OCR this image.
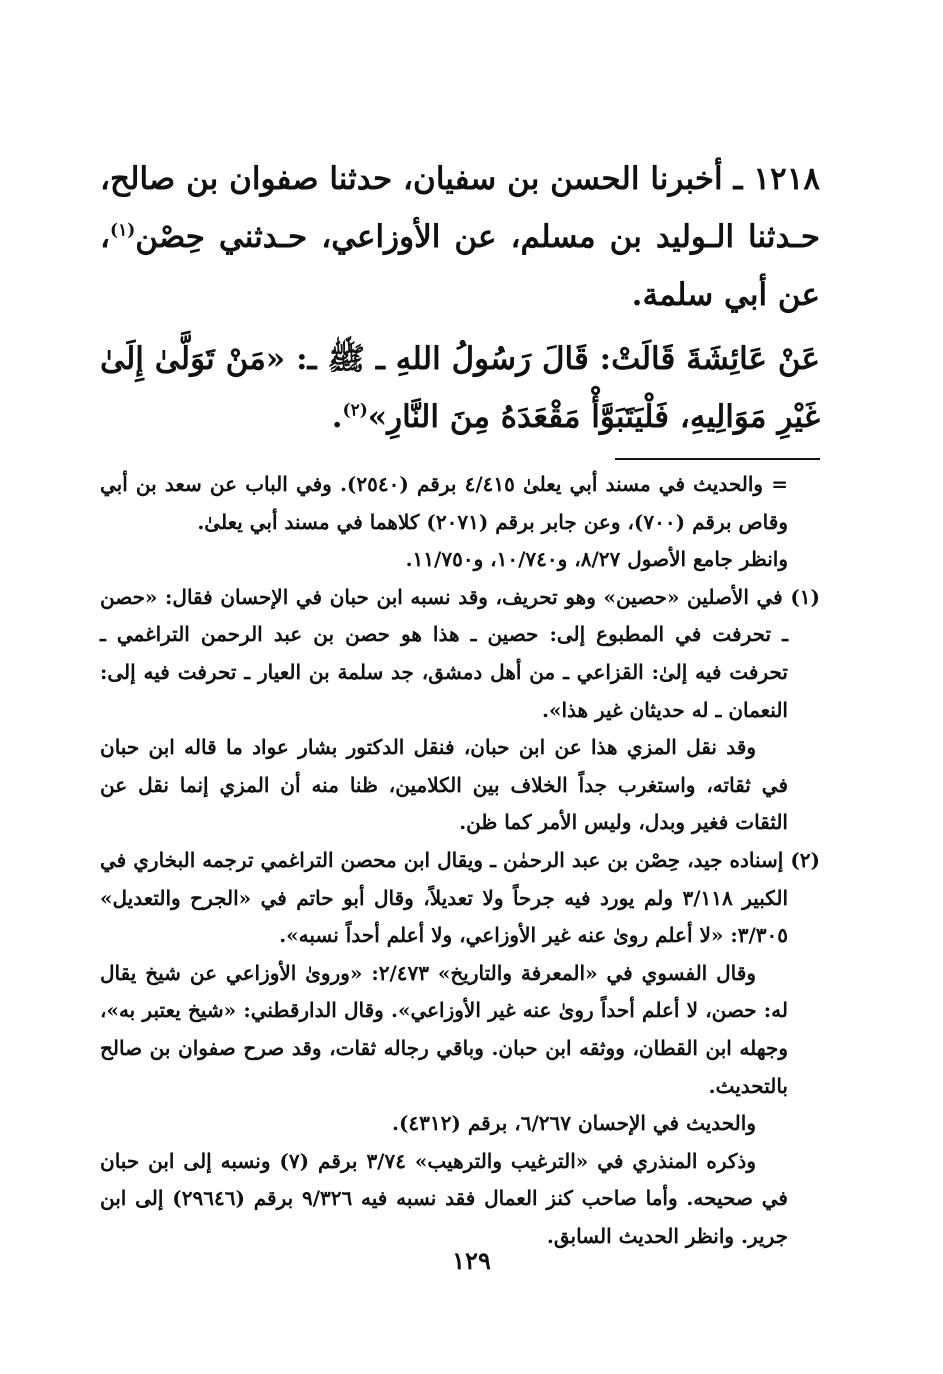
١٢١٨ ـ أخبرنا الحسن بن سفيان، حدثنا صفوان بن صالح، حـدثنا الـوليد بن مسلم، عن الأوزاعي، حـدثني حِصْن$^{(١)}$، عن أبي سلمة.

عَنْ عَائِشَةَ قَالَتْ: قَالَ رَسُولُ اللهِ ـ ﷺ ـ: «مَنْ تَوَلَّىٰ إِلَىٰ غَيْرِ مَوَالِيهِ، فَلْيَتَبَوَّأْ مَقْعَدَهُ مِنَ النَّارِ»$^{(٢)}$.

= والحديث في مسند أبي يعلىٰ ٤/٤١٥ برقم (٢٥٤٠). وفي الباب عن سعد بن أبي وقاص برقم (٧٠٠)، وعن جابر برقم (٢٠٧١) كلاهما في مسند أبي يعلىٰ.

وانظر جامع الأصول ٨/٢٧، و١٠/٧٤٠، و١١/٧٥٠.

(١) في الأصلين «حصين» وهو تحريف، وقد نسبه ابن حبان في الإحسان فقال: «حصن ـ تحرفت في المطبوع إلى: حصين ـ هذا هو حصن بن عبد الرحمن التراغمي ـ تحرفت فيه إلىٰ: القزاعي ـ من أهل دمشق، جد سلمة بن العيار ـ تحرفت فيه إلى: النعمان ـ له حديثان غير هذا».

وقد نقل المزي هذا عن ابن حبان، فنقل الدكتور بشار عواد ما قاله ابن حبان في ثقاته، واستغرب جداً الخلاف بين الكلامين، ظنا منه أن المزي إنما نقل عن الثقات فغير وبدل، وليس الأمر كما ظن.

(٢) إسناده جيد، حِصْن بن عبد الرحمٰن ـ ويقال ابن محصن التراغمي ترجمه البخاري في الكبير ٣/١١٨ ولم يورد فيه جرحاً ولا تعديلاً، وقال أبو حاتم في «الجرح والتعديل» ٣/٣٠٥: «لا أعلم روىٰ عنه غير الأوزاعي، ولا أعلم أحداً نسبه».

وقال الفسوي في «المعرفة والتاريخ» ٢/٤٧٣: «وروىٰ الأوزاعي عن شيخ يقال له: حصن، لا أعلم أحداً روىٰ عنه غير الأوزاعي». وقال الدارقطني: «شيخ يعتبر به»، وجهله ابن القطان، ووثقه ابن حبان. وباقي رجاله ثقات، وقد صرح صفوان بن صالح بالتحديث.

والحديث في الإحسان ٦/٢٦٧، برقم (٤٣١٢).

وذكره المنذري في «الترغيب والترهيب» ٣/٧٤ برقم (٧) ونسبه إلى ابن حبان في صحيحه. وأما صاحب كنز العمال فقد نسبه فيه ٩/٣٢٦ برقم (٢٩٦٤٦) إلى ابن جرير. وانظر الحديث السابق.

١٢٩
